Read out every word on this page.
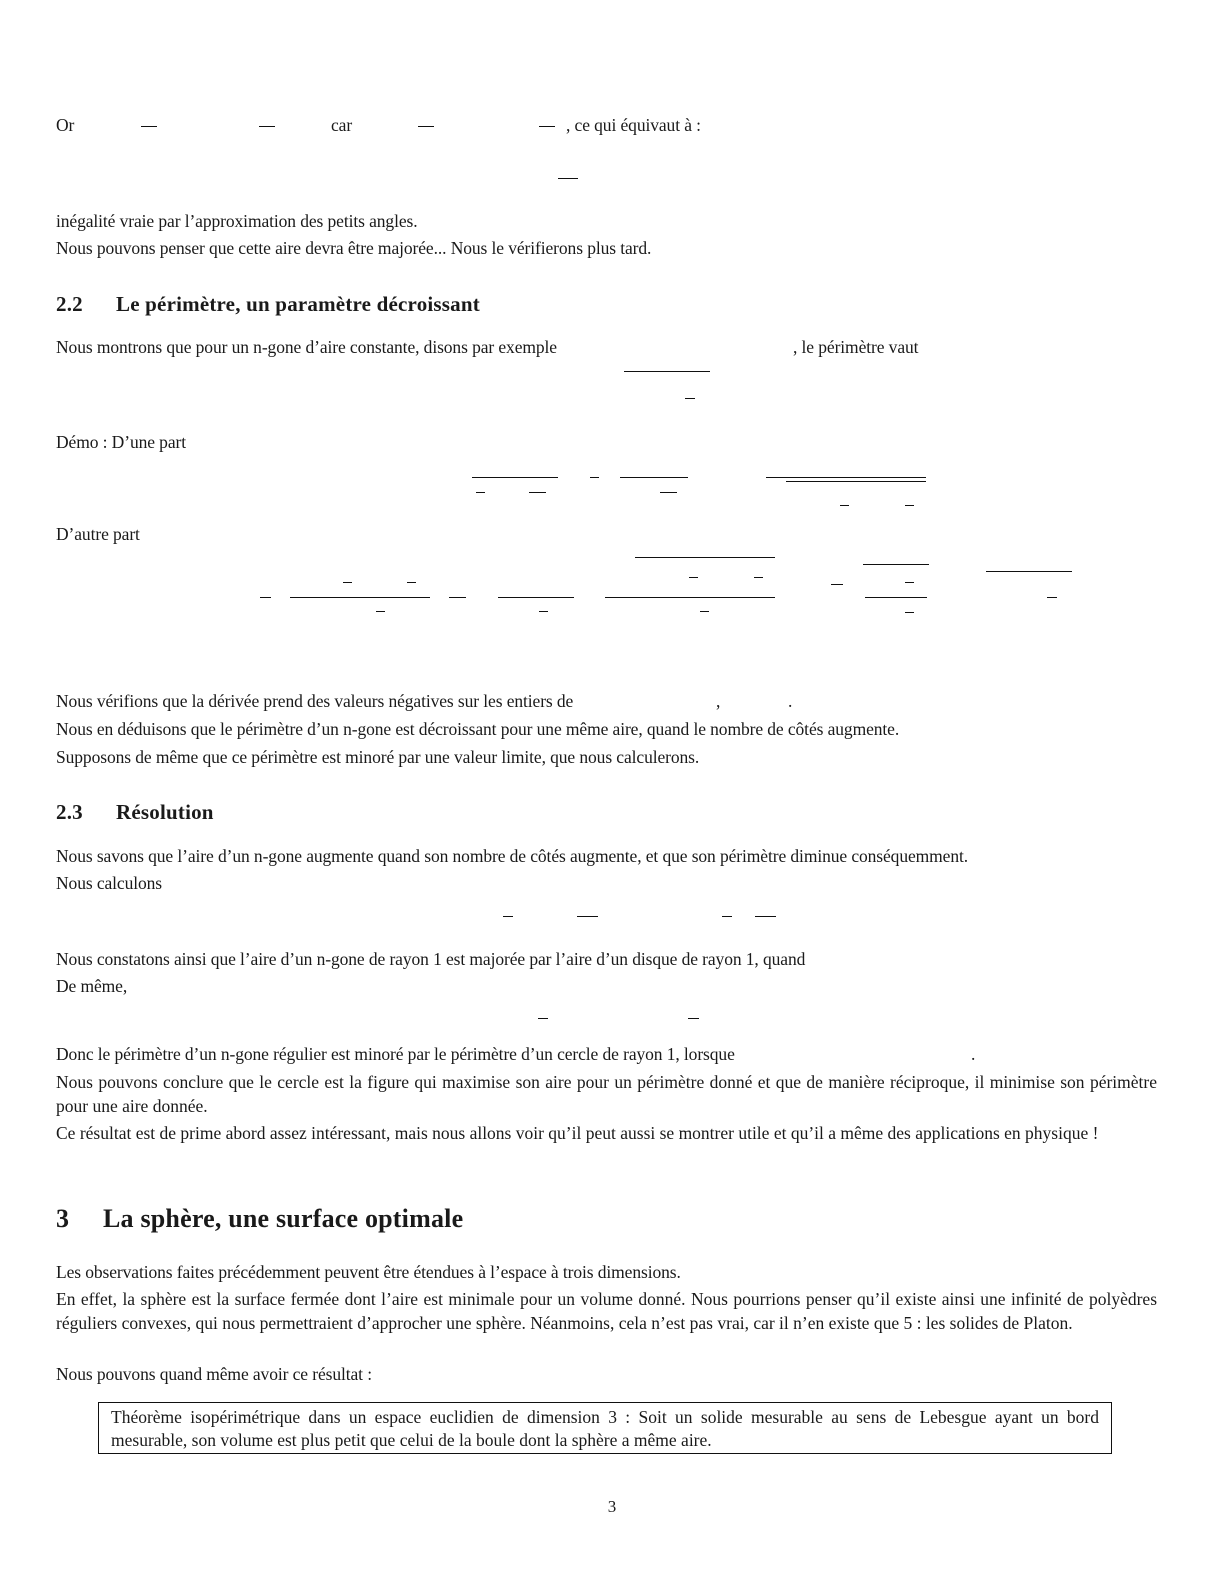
Or	car	, ce qui équivaut à :
inégalité vraie par l’approximation des petits angles.
Nous pouvons penser que cette aire devra être majorée... Nous le vérifierons plus tard.
2.2 Le périmètre, un paramètre décroissant
Nous montrons que pour un n-gone d’aire constante, disons par exemple	, le périmètre vaut
Démo : D’une part
D’autre part
Nous vérifions que la dérivée prend des valeurs négatives sur les entiers de	,	.
Nous en déduisons que le périmètre d’un n-gone est décroissant pour une même aire, quand le nombre de côtés augmente.
Supposons de même que ce périmètre est minoré par une valeur limite, que nous calculerons.
2.3 Résolution
Nous savons que l’aire d’un n-gone augmente quand son nombre de côtés augmente, et que son périmètre diminue conséquemment.
Nous calculons
Nous constatons ainsi que l’aire d’un n-gone de rayon 1 est majorée par l’aire d’un disque de rayon 1, quand
De même,
Donc le périmètre d’un n-gone régulier est minoré par le périmètre d’un cercle de rayon 1, lorsque	.
Nous pouvons conclure que le cercle est la figure qui maximise son aire pour un périmètre donné et que de manière réciproque, il minimise son périmètre pour une aire donnée.
Ce résultat est de prime abord assez intéressant, mais nous allons voir qu’il peut aussi se montrer utile et qu’il a même des applications en physique !
3 La sphère, une surface optimale
Les observations faites précédemment peuvent être étendues à l’espace à trois dimensions.
En effet, la sphère est la surface fermée dont l’aire est minimale pour un volume donné. Nous pourrions penser qu’il existe ainsi une infinité de polyèdres réguliers convexes, qui nous permettraient d’approcher une sphère. Néanmoins, cela n’est pas vrai, car il n’en existe que 5 : les solides de Platon.
Nous pouvons quand même avoir ce résultat :
Théorème isopérimétrique dans un espace euclidien de dimension 3 : Soit un solide mesurable au sens de Lebesgue ayant un bord mesurable, son volume est plus petit que celui de la boule dont la sphère a même aire.
3
